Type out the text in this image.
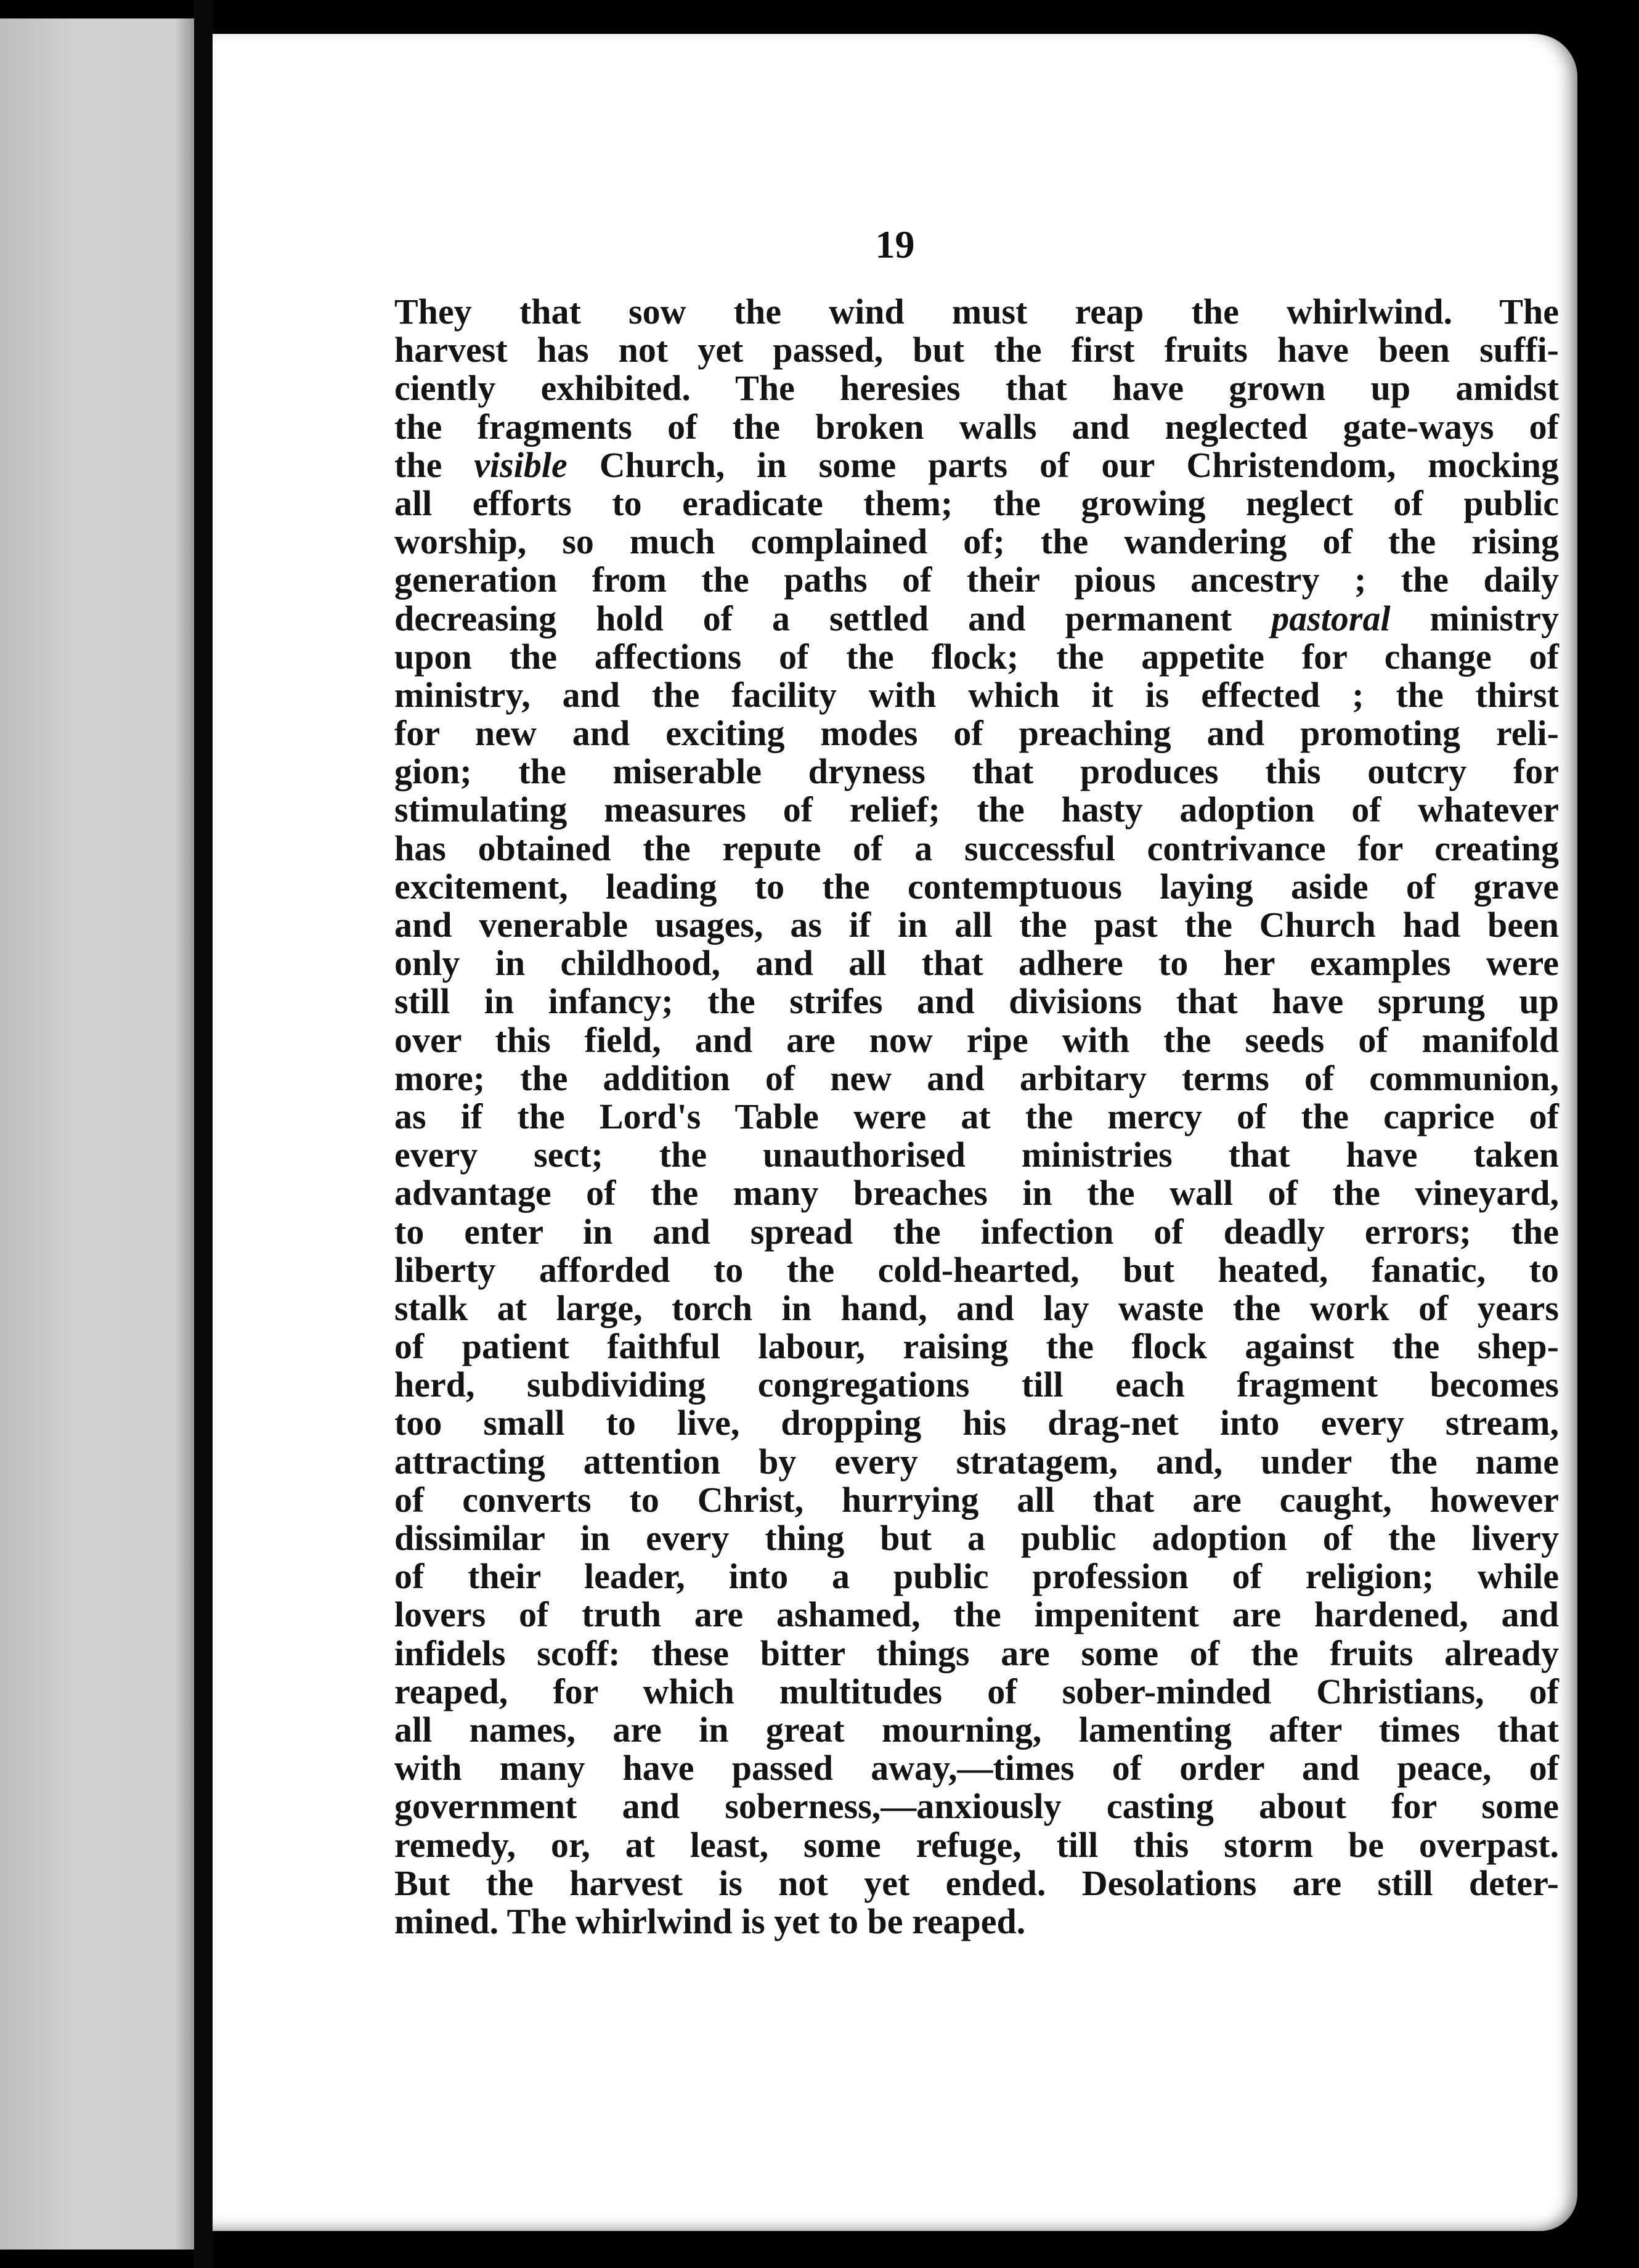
19
They that sow the wind must reap the whirlwind. The
harvest has not yet passed, but the first fruits have been suffi-
ciently exhibited. The heresies that have grown up amidst
the fragments of the broken walls and neglected gate-ways of
the visible Church, in some parts of our Christendom, mocking
all efforts to eradicate them; the growing neglect of public
worship, so much complained of; the wandering of the rising
generation from the paths of their pious ancestry ; the daily
decreasing hold of a settled and permanent pastoral ministry
upon the affections of the flock; the appetite for change of
ministry, and the facility with which it is effected ; the thirst
for new and exciting modes of preaching and promoting reli-
gion; the miserable dryness that produces this outcry for
stimulating measures of relief; the hasty adoption of whatever
has obtained the repute of a successful contrivance for creating
excitement, leading to the contemptuous laying aside of grave
and venerable usages, as if in all the past the Church had been
only in childhood, and all that adhere to her examples were
still in infancy; the strifes and divisions that have sprung up
over this field, and are now ripe with the seeds of manifold
more; the addition of new and arbitary terms of communion,
as if the Lord's Table were at the mercy of the caprice of
every sect; the unauthorised ministries that have taken
advantage of the many breaches in the wall of the vineyard,
to enter in and spread the infection of deadly errors; the
liberty afforded to the cold-hearted, but heated, fanatic, to
stalk at large, torch in hand, and lay waste the work of years
of patient faithful labour, raising the flock against the shep-
herd, subdividing congregations till each fragment becomes
too small to live, dropping his drag-net into every stream,
attracting attention by every stratagem, and, under the name
of converts to Christ, hurrying all that are caught, however
dissimilar in every thing but a public adoption of the livery
of their leader, into a public profession of religion; while
lovers of truth are ashamed, the impenitent are hardened, and
infidels scoff: these bitter things are some of the fruits already
reaped, for which multitudes of sober-minded Christians, of
all names, are in great mourning, lamenting after times that
with many have passed away,—times of order and peace, of
government and soberness,—anxiously casting about for some
remedy, or, at least, some refuge, till this storm be overpast.
But the harvest is not yet ended. Desolations are still deter-
mined. The whirlwind is yet to be reaped.
